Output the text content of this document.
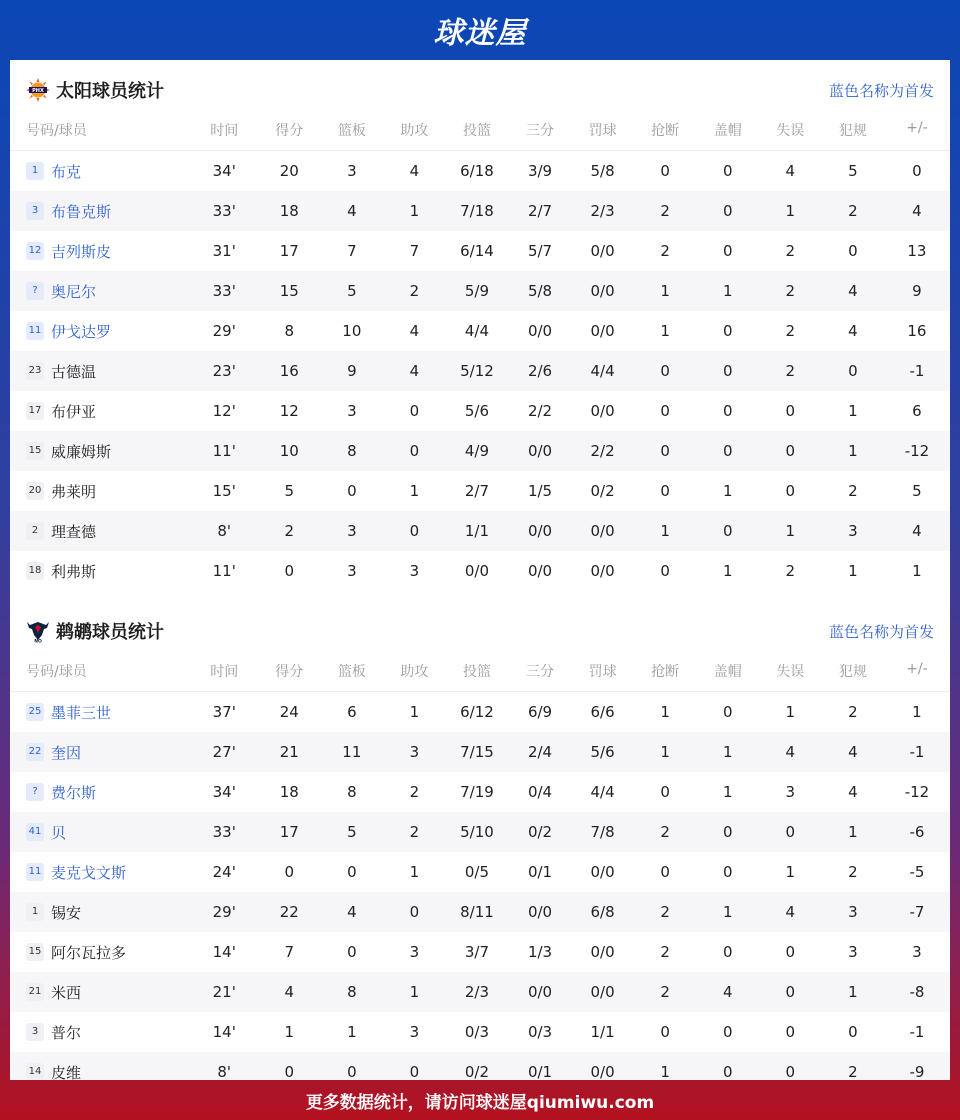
球迷屋
PHX 太阳球员统计	蓝色名称为首发
号码/球员	时间	得分	篮板	助攻	投篮	三分	罚球	抢断	盖帽	失误	犯规	+/-
1 布克	34'	20	3	4	6/18	3/9	5/8	0	0	4	5	0
3 布鲁克斯	33'	18	4	1	7/18	2/7	2/3	2	0	1	2	4
12 吉列斯皮	31'	17	7	7	6/14	5/7	0/0	2	0	2	0	13
? 奥尼尔	33'	15	5	2	5/9	5/8	0/0	1	1	2	4	9
11 伊戈达罗	29'	8	10	4	4/4	0/0	0/0	1	0	2	4	16
23 古德温	23'	16	9	4	5/12	2/6	4/4	0	0	2	0	-1
17 布伊亚	12'	12	3	0	5/6	2/2	0/0	0	0	0	1	6
15 威廉姆斯	11'	10	8	0	4/9	0/0	2/2	0	0	0	1	-12
20 弗莱明	15'	5	0	1	2/7	1/5	0/2	0	1	0	2	5
2 理查德	8'	2	3	0	1/1	0/0	0/0	1	0	1	3	4
18 利弗斯	11'	0	3	3	0/0	0/0	0/0	0	1	2	1	1
NO 鹈鹕球员统计	蓝色名称为首发
号码/球员	时间	得分	篮板	助攻	投篮	三分	罚球	抢断	盖帽	失误	犯规	+/-
25 墨菲三世	37'	24	6	1	6/12	6/9	6/6	1	0	1	2	1
22 奎因	27'	21	11	3	7/15	2/4	5/6	1	1	4	4	-1
? 费尔斯	34'	18	8	2	7/19	0/4	4/4	0	1	3	4	-12
41 贝	33'	17	5	2	5/10	0/2	7/8	2	0	0	1	-6
11 麦克戈文斯	24'	0	0	1	0/5	0/1	0/0	0	0	1	2	-5
1 锡安	29'	22	4	0	8/11	0/0	6/8	2	1	4	3	-7
15 阿尔瓦拉多	14'	7	0	3	3/7	1/3	0/0	2	0	0	3	3
21 米西	21'	4	8	1	2/3	0/0	0/0	2	4	0	1	-8
3 普尔	14'	1	1	3	0/3	0/3	1/1	0	0	0	0	-1
14 皮维	8'	0	0	0	0/2	0/1	0/0	1	0	0	2	-9
更多数据统计，请访问球迷屋qiumiwu.com
